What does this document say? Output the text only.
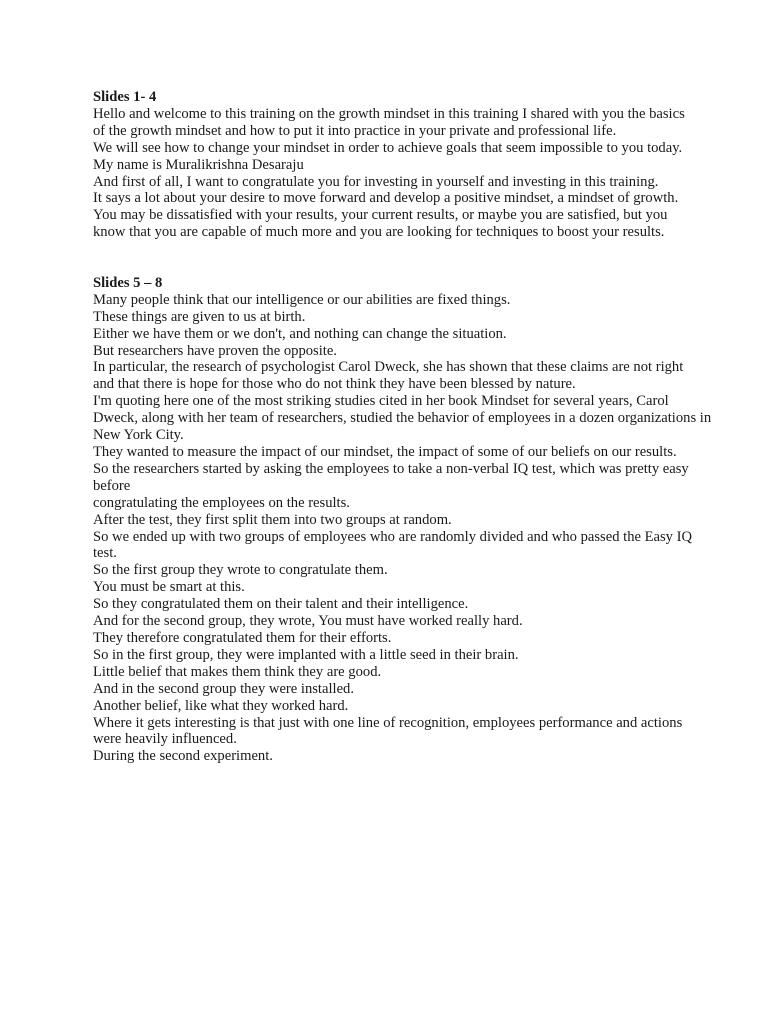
Slides 1- 4

Hello and welcome to this training on the growth mindset in this training I shared with you the basics

of the growth mindset and how to put it into practice in your private and professional life.

We will see how to change your mindset in order to achieve goals that seem impossible to you today.

My name is Muralikrishna Desaraju

And first of all, I want to congratulate you for investing in yourself and investing in this training.

It says a lot about your desire to move forward and develop a positive mindset, a mindset of growth.

You may be dissatisfied with your results, your current results, or maybe you are satisfied, but you

know that you are capable of much more and you are looking for techniques to boost your results.

Slides 5 – 8

Many people think that our intelligence or our abilities are fixed things.

These things are given to us at birth.

Either we have them or we don't, and nothing can change the situation.

But researchers have proven the opposite.

In particular, the research of psychologist Carol Dweck, she has shown that these claims are not right

and that there is hope for those who do not think they have been blessed by nature.

I'm quoting here one of the most striking studies cited in her book Mindset for several years, Carol

Dweck, along with her team of researchers, studied the behavior of employees in a dozen organizations in

New York City.

They wanted to measure the impact of our mindset, the impact of some of our beliefs on our results.

So the researchers started by asking the employees to take a non-verbal IQ test, which was pretty easy before

congratulating the employees on the results.

After the test, they first split them into two groups at random.

So we ended up with two groups of employees who are randomly divided and who passed the Easy IQ test.

So the first group they wrote to congratulate them.

You must be smart at this.

So they congratulated them on their talent and their intelligence.

And for the second group, they wrote, You must have worked really hard.

They therefore congratulated them for their efforts.

So in the first group, they were implanted with a little seed in their brain.

Little belief that makes them think they are good.

And in the second group they were installed.

Another belief, like what they worked hard.

Where it gets interesting is that just with one line of recognition, employees performance and actions were heavily influenced.

During the second experiment.
